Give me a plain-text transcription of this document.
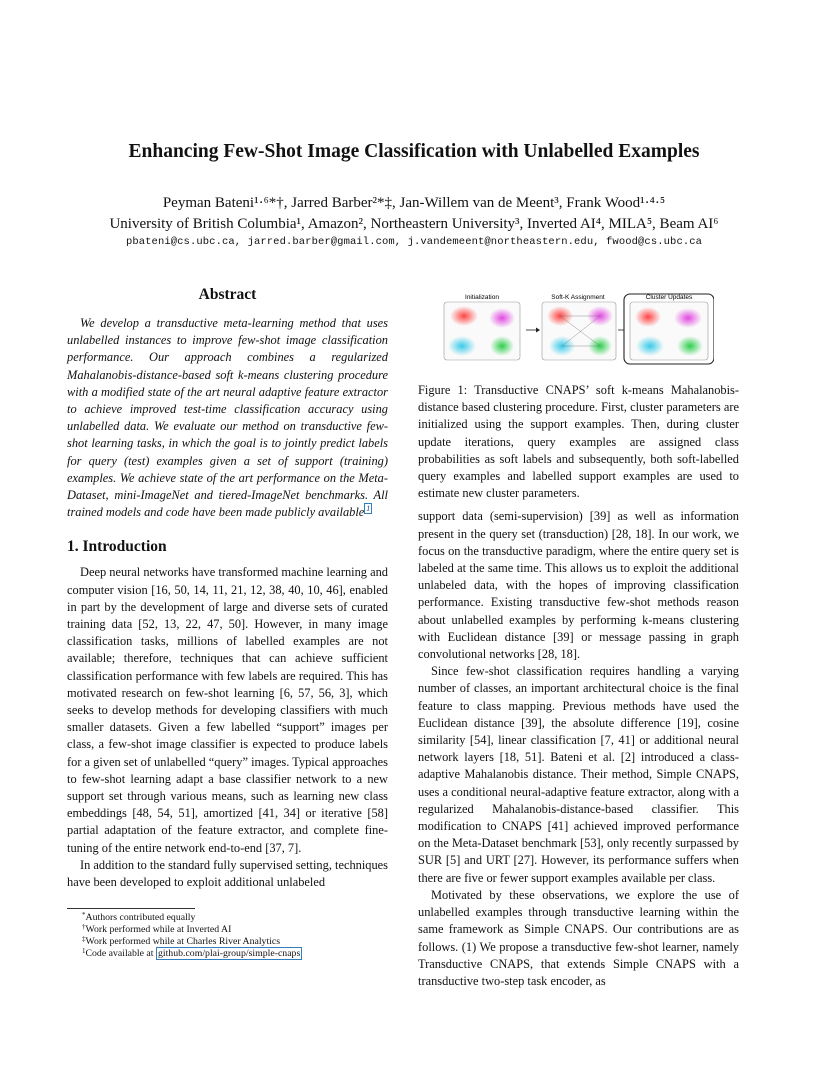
Enhancing Few-Shot Image Classification with Unlabelled Examples
Peyman Bateni¹·⁶*†, Jarred Barber²*‡, Jan-Willem van de Meent³, Frank Wood¹·⁴·⁵
University of British Columbia¹, Amazon², Northeastern University³, Inverted AI⁴, MILA⁵, Beam AI⁶
pbateni@cs.ubc.ca, jarred.barber@gmail.com, j.vandemeent@northeastern.edu, fwood@cs.ubc.ca
Abstract

We develop a transductive meta-learning method that uses unlabelled instances to improve few-shot image classification performance. Our approach combines a regularized Mahalanobis-distance-based soft k-means clustering procedure with a modified state of the art neural adaptive feature extractor to achieve improved test-time classification accuracy using unlabelled data. We evaluate our method on transductive few-shot learning tasks, in which the goal is to jointly predict labels for query (test) examples given a set of support (training) examples. We achieve state of the art performance on the Meta-Dataset, mini-ImageNet and tiered-ImageNet benchmarks. All trained models and code have been made publicly available $^1$

1. Introduction

Deep neural networks have transformed machine learning and computer vision [16, 50, 14, 11, 21, 12, 38, 40, 10, 46], enabled in part by the development of large and diverse sets of curated training data [52, 13, 22, 47, 50]. However, in many image classification tasks, millions of labelled examples are not available; therefore, techniques that can achieve sufficient classification performance with few labels are required. This has motivated research on few-shot learning [6, 57, 56, 3], which seeks to develop methods for developing classifiers with much smaller datasets. Given a few labelled “support” images per class, a few-shot image classifier is expected to produce labels for a given set of unlabelled “query” images. Typical approaches to few-shot learning adapt a base classifier network to a new support set through various means, such as learning new class embeddings [48, 54, 51], amortized [41, 34] or iterative [58] partial adaptation of the feature extractor, and complete fine-tuning of the entire network end-to-end [37, 7].

In addition to the standard fully supervised setting, techniques have been developed to exploit additional unlabeled

Initialization	Soft-K Assignment	Cluster Updates

Figure 1: Transductive CNAPS’ soft k-means Mahalanobis-distance based clustering procedure. First, cluster parameters are initialized using the support examples. Then, during cluster update iterations, query examples are assigned class probabilities as soft labels and subsequently, both soft-labelled query examples and labelled support examples are used to estimate new cluster parameters.

support data (semi-supervision) [39] as well as information present in the query set (transduction) [28, 18]. In our work, we focus on the transductive paradigm, where the entire query set is labeled at the same time. This allows us to exploit the additional unlabeled data, with the hopes of improving classification performance. Existing transductive few-shot methods reason about unlabelled examples by performing k-means clustering with Euclidean distance [39] or message passing in graph convolutional networks [28, 18].

Since few-shot classification requires handling a varying number of classes, an important architectural choice is the final feature to class mapping. Previous methods have used the Euclidean distance [39], the absolute difference [19], cosine similarity [54], linear classification [7, 41] or additional neural network layers [18, 51]. Bateni et al. [2] introduced a class-adaptive Mahalanobis distance. Their method, Simple CNAPS, uses a conditional neural-adaptive feature extractor, along with a regularized Mahalanobis-distance-based classifier. This modification to CNAPS [41] achieved improved performance on the Meta-Dataset benchmark [53], only recently surpassed by SUR [5] and URT [27]. However, its performance suffers when there are five or fewer support examples available per class.

Motivated by these observations, we explore the use of unlabelled examples through transductive learning within the same framework as Simple CNAPS. Our contributions are as follows. (1) We propose a transductive few-shot learner, namely Transductive CNAPS, that extends Simple CNAPS with a transductive two-step task encoder, as

*Authors contributed equally
†Work performed while at Inverted AI
‡Work performed while at Charles River Analytics
$^1$Code available at github.com/plai-group/simple-cnaps
